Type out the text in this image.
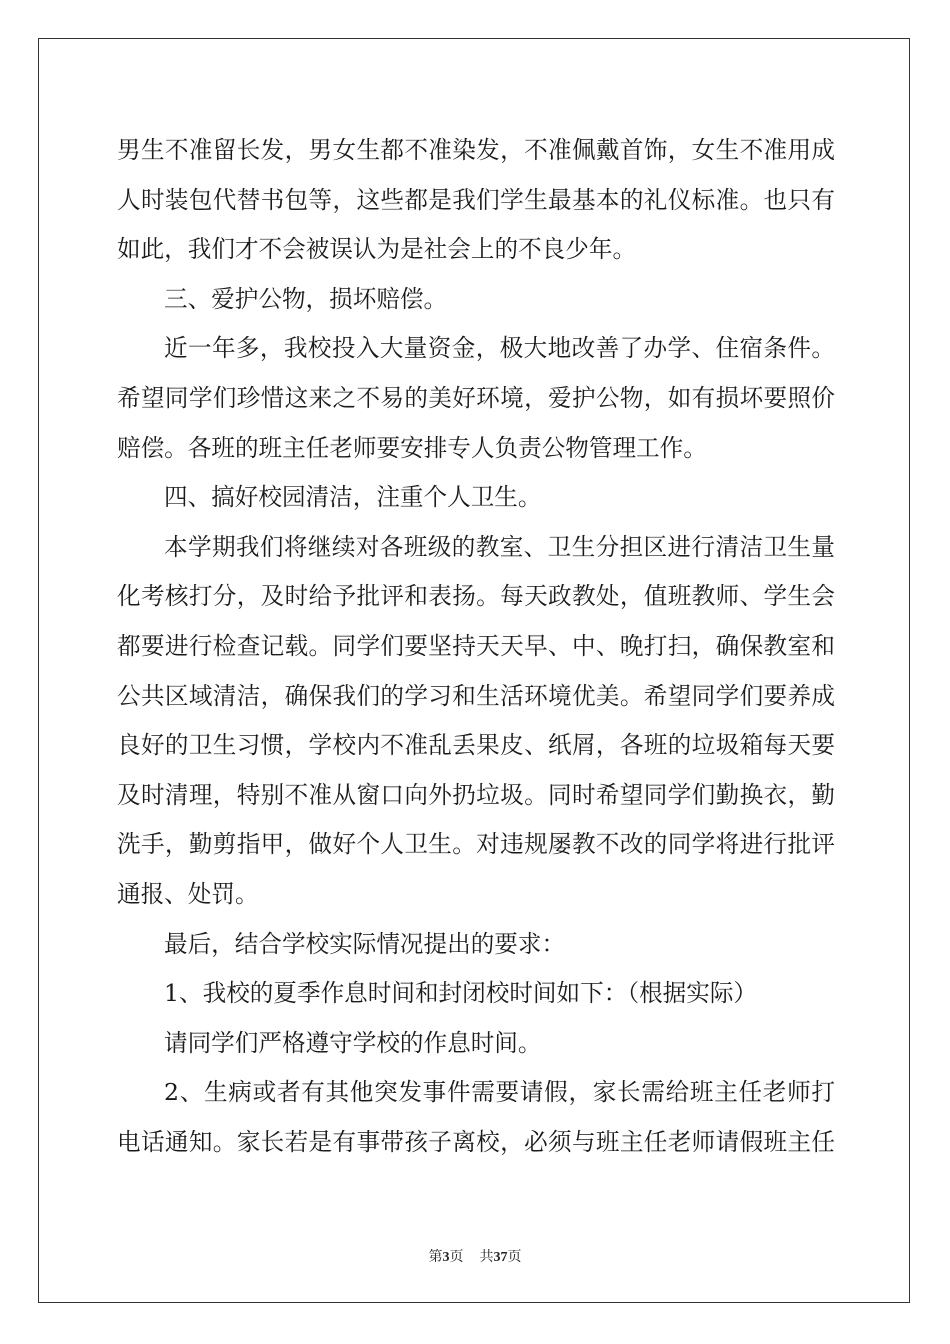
男生不准留长发，男女生都不准染发，不准佩戴首饰，女生不准用成
人时装包代替书包等，这些都是我们学生最基本的礼仪标准。也只有
如此，我们才不会被误认为是社会上的不良少年。
三、爱护公物，损坏赔偿。
近一年多，我校投入大量资金，极大地改善了办学、住宿条件。
希望同学们珍惜这来之不易的美好环境，爱护公物，如有损坏要照价
赔偿。各班的班主任老师要安排专人负责公物管理工作。
四、搞好校园清洁，注重个人卫生。
本学期我们将继续对各班级的教室、卫生分担区进行清洁卫生量
化考核打分，及时给予批评和表扬。每天政教处，值班教师、学生会
都要进行检查记载。同学们要坚持天天早、中、晚打扫，确保教室和
公共区域清洁，确保我们的学习和生活环境优美。希望同学们要养成
良好的卫生习惯，学校内不准乱丢果皮、纸屑，各班的垃圾箱每天要
及时清理，特别不准从窗口向外扔垃圾。同时希望同学们勤换衣，勤
洗手，勤剪指甲，做好个人卫生。对违规屡教不改的同学将进行批评
通报、处罚。
最后，结合学校实际情况提出的要求：
1、我校的夏季作息时间和封闭校时间如下：（根据实际）
请同学们严格遵守学校的作息时间。
2、生病或者有其他突发事件需要请假，家长需给班主任老师打
电话通知。家长若是有事带孩子离校，必须与班主任老师请假班主任
第3页 共37页
